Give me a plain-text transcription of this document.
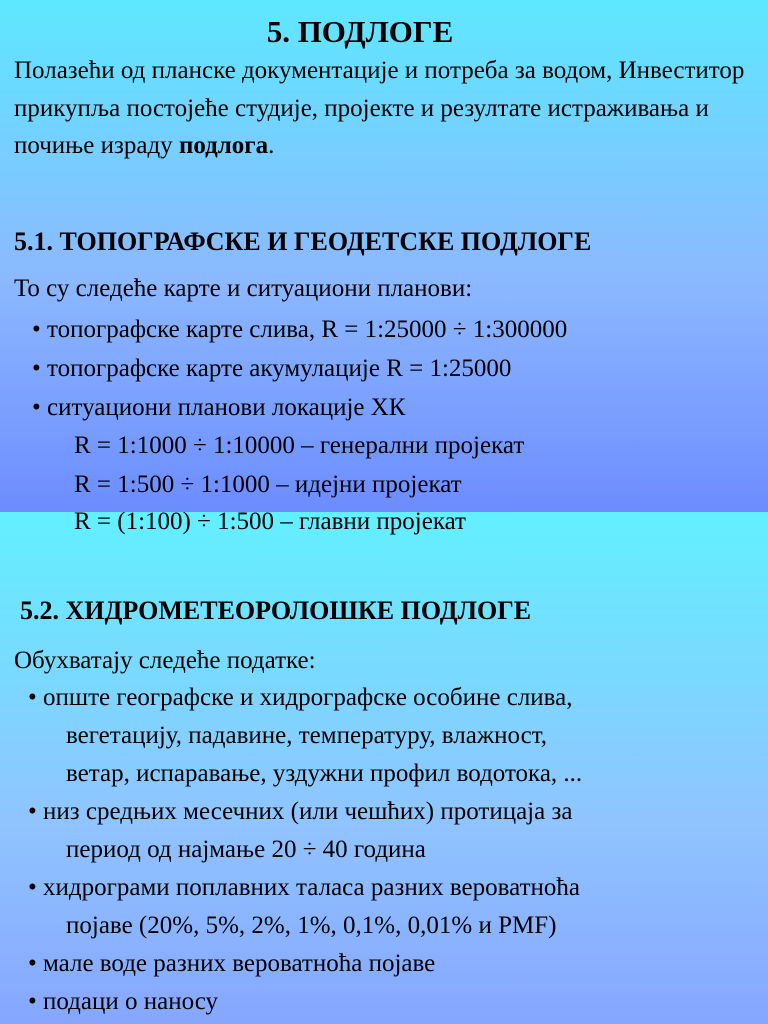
5. ПОДЛОГЕ
Полазећи од планске документације и потреба за водом, Инвеститор прикупља постојеће студије, пројекте и резултате истраживања и почиње израду подлога.
5.1. ТОПОГРАФСКЕ И ГЕОДЕТСКЕ ПОДЛОГЕ
То су следеће карте и ситуациони планови:
• топографске карте слива, R = 1:25000 ÷ 1:300000
• топографске карте акумулације R = 1:25000
• ситуациони планови локације ХК
R = 1:1000 ÷ 1:10000 – генерални пројекат
R = 1:500 ÷ 1:1000 – идејни пројекат
R = (1:100) ÷ 1:500 – главни пројекат
5.2. ХИДРОМЕТЕОРОЛОШКЕ ПОДЛОГЕ
Обухватају следеће податке:
• опште географске и хидрографске особине слива,
вегетацију, падавине, температуру, влажност,
ветар, испаравање, уздужни профил водотока, ...
• низ средњих месечних (или чешћих) протицаја за
период од најмање 20 ÷ 40 година
• хидрограми поплавних таласа разних вероватноћа
појаве (20%, 5%, 2%, 1%, 0,1%, 0,01% и PMF)
• мале воде разних вероватноћа појаве
• подаци о наносу
